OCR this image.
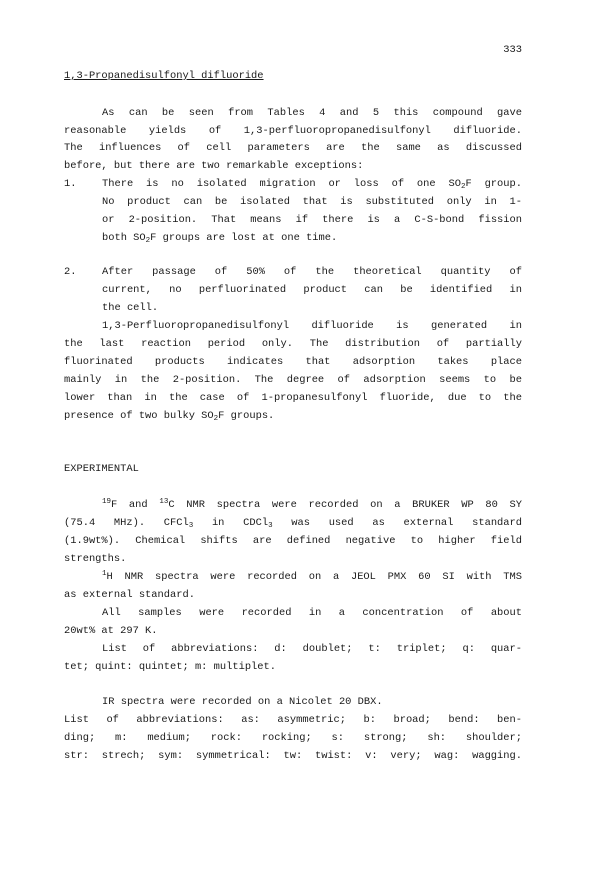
333
1,3-Propanedisulfonyl difluoride
As can be seen from Tables 4 and 5 this compound gave
reasonable yields of 1,3-perfluoropropanedisulfonyl difluoride.
The influences of cell parameters are the same as discussed
before, but there are two remarkable exceptions:
1. There is no isolated migration or loss of one $SO_2F$ group.
No product can be isolated that is substituted only in 1-
or 2-position. That means if there is a C-S-bond fission
both $SO_2F$ groups are lost at one time.
2. After passage of 50% of the theoretical quantity of
current, no perfluorinated product can be identified in
the cell.
1,3-Perfluoropropanedisulfonyl difluoride is generated in
the last reaction period only. The distribution of partially
fluorinated products indicates that adsorption takes place
mainly in the 2-position. The degree of adsorption seems to be
lower than in the case of 1-propanesulfonyl fluoride, due to the
presence of two bulky $SO_2F$ groups.
EXPERIMENTAL
$^{19}$F and $^{13}$C NMR spectra were recorded on a BRUKER WP 80 SY
(75.4 MHz). CFCl$_3$ in CDCl$_3$ was used as external standard
(1.9wt%). Chemical shifts are defined negative to higher field
strengths.
$^1$H NMR spectra were recorded on a JEOL PMX 60 SI with TMS
as external standard.
All samples were recorded in a concentration of about
20wt% at 297 K.
List of abbreviations: d: doublet; t: triplet; q: quar-
tet; quint: quintet; m: multiplet.
IR spectra were recorded on a Nicolet 20 DBX.
List of abbreviations: as: asymmetric; b: broad; bend: ben-
ding; m: medium; rock: rocking; s: strong; sh: shoulder;
str: strech; sym: symmetrical: tw: twist: v: very; wag: wagging.
